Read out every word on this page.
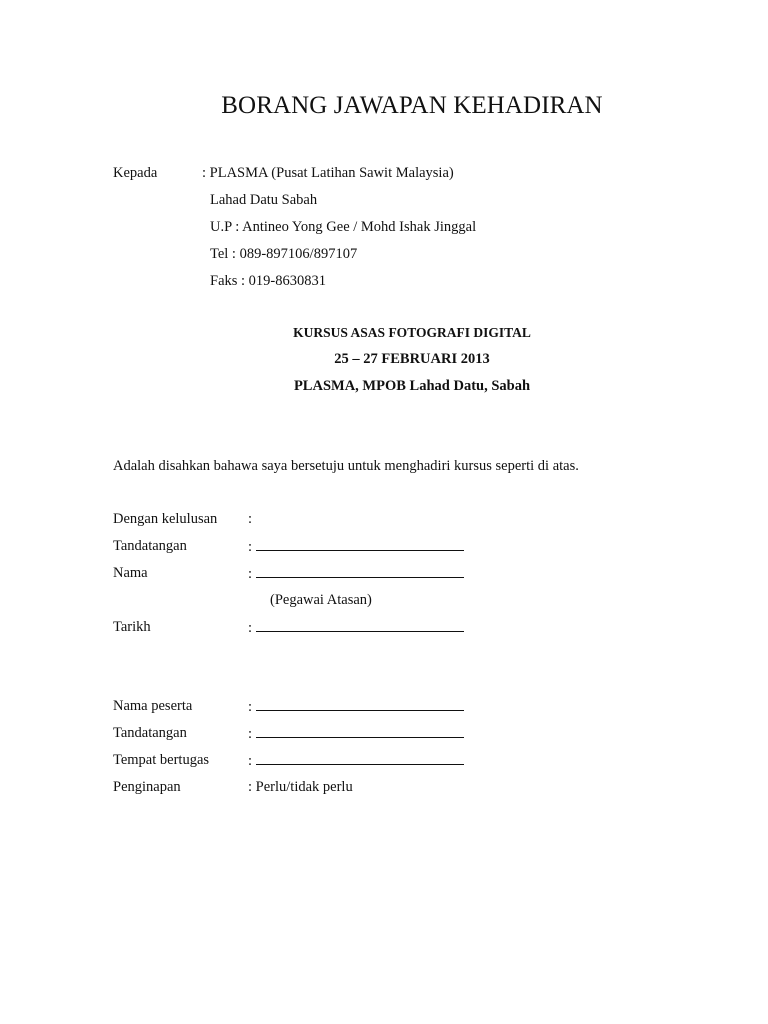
BORANG JAWAPAN KEHADIRAN
Kepada	: PLASMA (Pusat Latihan Sawit Malaysia)
Lahad Datu Sabah
U.P : Antineo Yong Gee / Mohd Ishak Jinggal
Tel : 089-897106/897107
Faks : 019-8630831
KURSUS ASAS FOTOGRAFI DIGITAL
25 – 27 FEBRUARI 2013
PLASMA, MPOB Lahad Datu, Sabah
Adalah disahkan bahawa saya bersetuju untuk menghadiri kursus seperti di atas.
Dengan kelulusan :
Tandatangan	:
Nama	:
(Pegawai Atasan)
Tarikh	:
Nama peserta	:
Tandatangan	:
Tempat bertugas	:
Penginapan	: Perlu/tidak perlu
